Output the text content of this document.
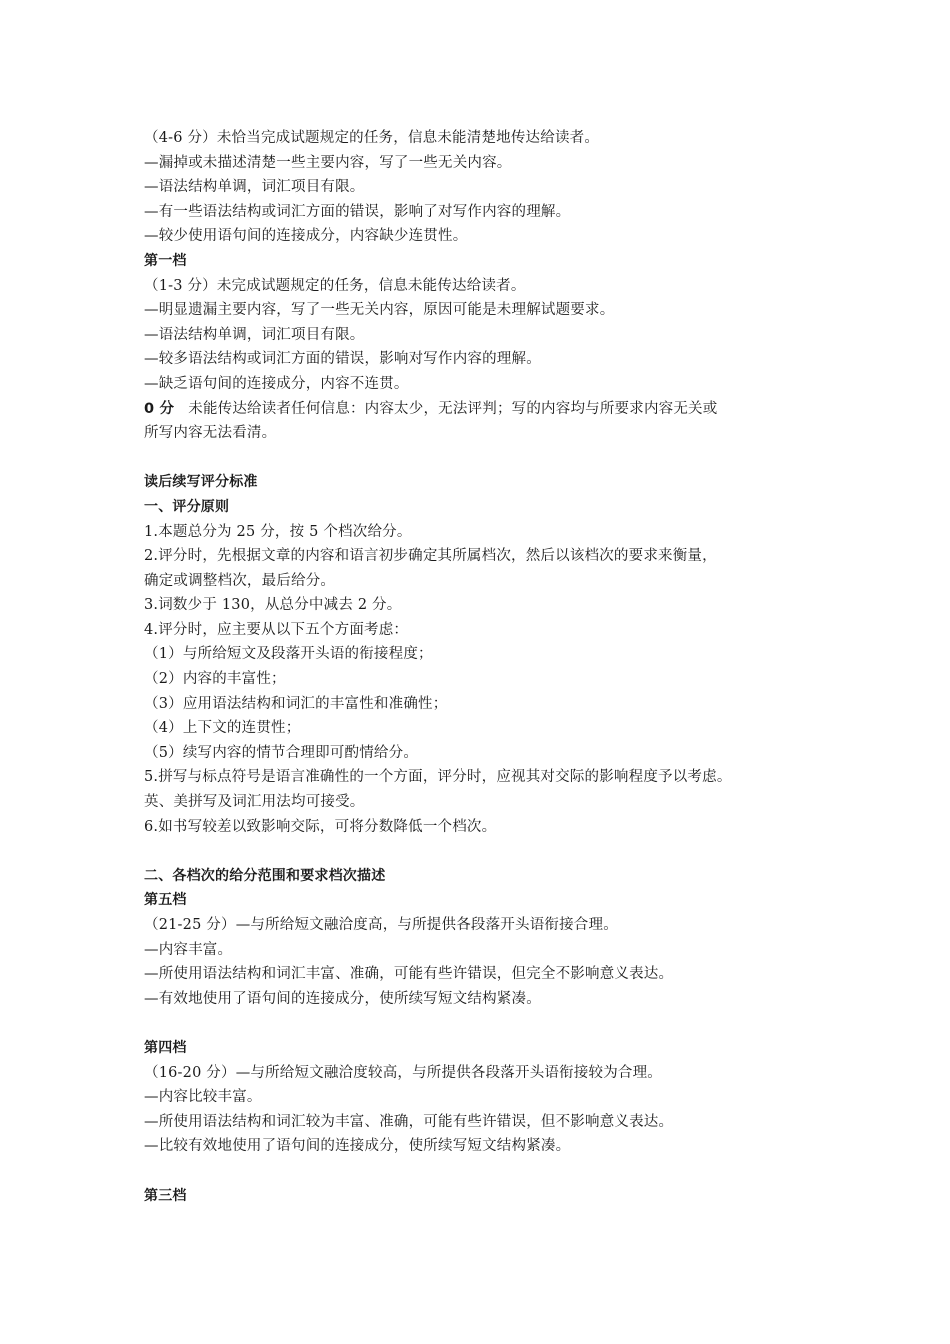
（4-6 分）未恰当完成试题规定的任务，信息未能清楚地传达给读者。
—漏掉或未描述清楚一些主要内容，写了一些无关内容。
—语法结构单调，词汇项目有限。
—有一些语法结构或词汇方面的错误，影响了对写作内容的理解。
—较少使用语句间的连接成分，内容缺少连贯性。
第一档
（1-3 分）未完成试题规定的任务，信息未能传达给读者。
—明显遗漏主要内容，写了一些无关内容，原因可能是未理解试题要求。
—语法结构单调，词汇项目有限。
—较多语法结构或词汇方面的错误，影响对写作内容的理解。
—缺乏语句间的连接成分，内容不连贯。
0 分 未能传达给读者任何信息：内容太少，无法评判；写的内容均与所要求内容无关或
所写内容无法看清。
读后续写评分标准
一、评分原则
1.本题总分为 25 分，按 5 个档次给分。
2.评分时，先根据文章的内容和语言初步确定其所属档次，然后以该档次的要求来衡量，
确定或调整档次，最后给分。
3.词数少于 130，从总分中减去 2 分。
4.评分时，应主要从以下五个方面考虑：
（1）与所给短文及段落开头语的衔接程度；
（2）内容的丰富性；
（3）应用语法结构和词汇的丰富性和准确性；
（4）上下文的连贯性；
（5）续写内容的情节合理即可酌情给分。
5.拼写与标点符号是语言准确性的一个方面，评分时，应视其对交际的影响程度予以考虑。
英、美拼写及词汇用法均可接受。
6.如书写较差以致影响交际，可将分数降低一个档次。
二、各档次的给分范围和要求档次描述
第五档
（21-25 分）—与所给短文融洽度高，与所提供各段落开头语衔接合理。
—内容丰富。
—所使用语法结构和词汇丰富、准确，可能有些许错误，但完全不影响意义表达。
—有效地使用了语句间的连接成分，使所续写短文结构紧凑。
第四档
（16-20 分）—与所给短文融洽度较高，与所提供各段落开头语衔接较为合理。
—内容比较丰富。
—所使用语法结构和词汇较为丰富、准确，可能有些许错误，但不影响意义表达。
—比较有效地使用了语句间的连接成分，使所续写短文结构紧凑。
第三档
